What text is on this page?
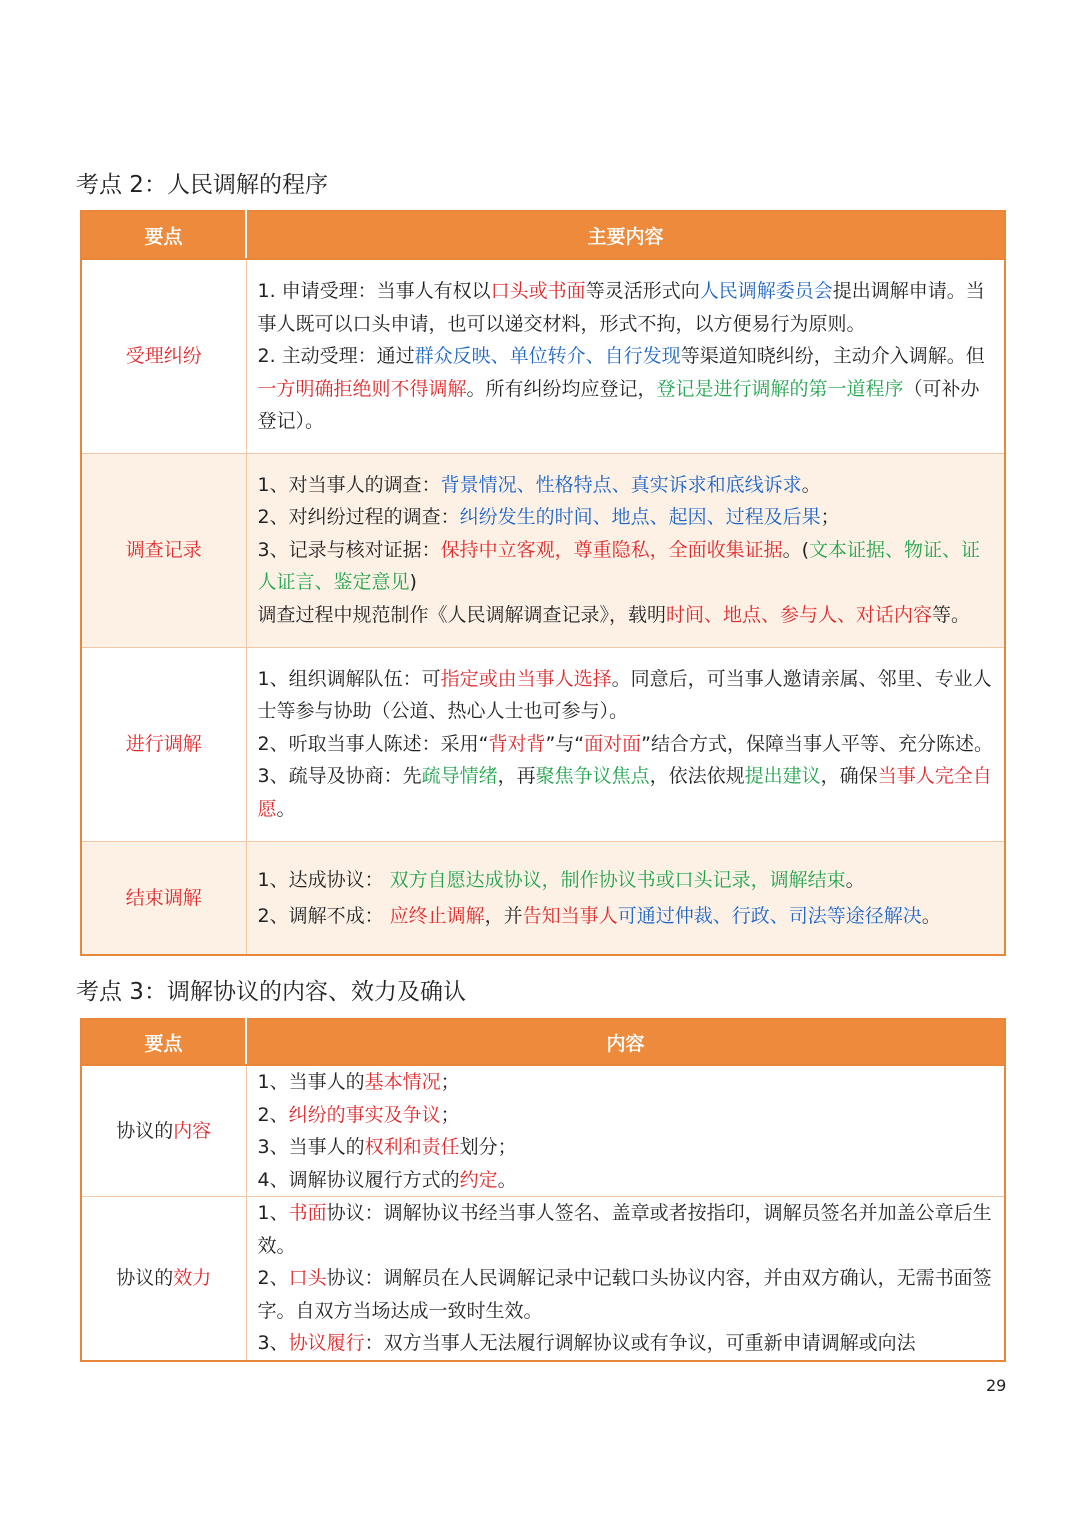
考点 2：人民调解的程序
要点	主要内容
受理纠纷	1. 申请受理：当事人有权以口头或书面等灵活形式向人民调解委员会提出调解申请。当事人既可以口头申请，也可以递交材料，形式不拘，以方便易行为原则。

2. 主动受理：通过群众反映、单位转介、自行发现等渠道知晓纠纷，主动介入调解。但一方明确拒绝则不得调解。所有纠纷均应登记，登记是进行调解的第一道程序（可补办登记）。

调查记录	1、对当事人的调查：背景情况、性格特点、真实诉求和底线诉求。

2、对纠纷过程的调查：纠纷发生的时间、地点、起因、过程及后果；

3、记录与核对证据：保持中立客观，尊重隐私，全面收集证据。(文本证据、物证、证人证言、鉴定意见)

调查过程中规范制作《人民调解调查记录》，载明时间、地点、参与人、对话内容等。

进行调解	1、组织调解队伍：可指定或由当事人选择。同意后，可当事人邀请亲属、邻里、专业人士等参与协助（公道、热心人士也可参与）。

2、听取当事人陈述：采用“背对背”与“面对面”结合方式，保障当事人平等、充分陈述。

3、疏导及协商：先疏导情绪，再聚焦争议焦点，依法依规提出建议，确保当事人完全自愿。

结束调解	1、达成协议： 双方自愿达成协议，制作协议书或口头记录，调解结束。

2、调解不成： 应终止调解，并告知当事人可通过仲裁、行政、司法等途径解决。

考点 3：调解协议的内容、效力及确认
要点	内容
协议的内容	1、当事人的基本情况；

2、纠纷的事实及争议；

3、当事人的权利和责任划分；

4、调解协议履行方式的约定。

协议的效力	1、书面协议：调解协议书经当事人签名、盖章或者按指印，调解员签名并加盖公章后生效。

2、口头协议：调解员在人民调解记录中记载口头协议内容，并由双方确认，无需书面签字。自双方当场达成一致时生效。

3、协议履行：双方当事人无法履行调解协议或有争议，可重新申请调解或向法

29
